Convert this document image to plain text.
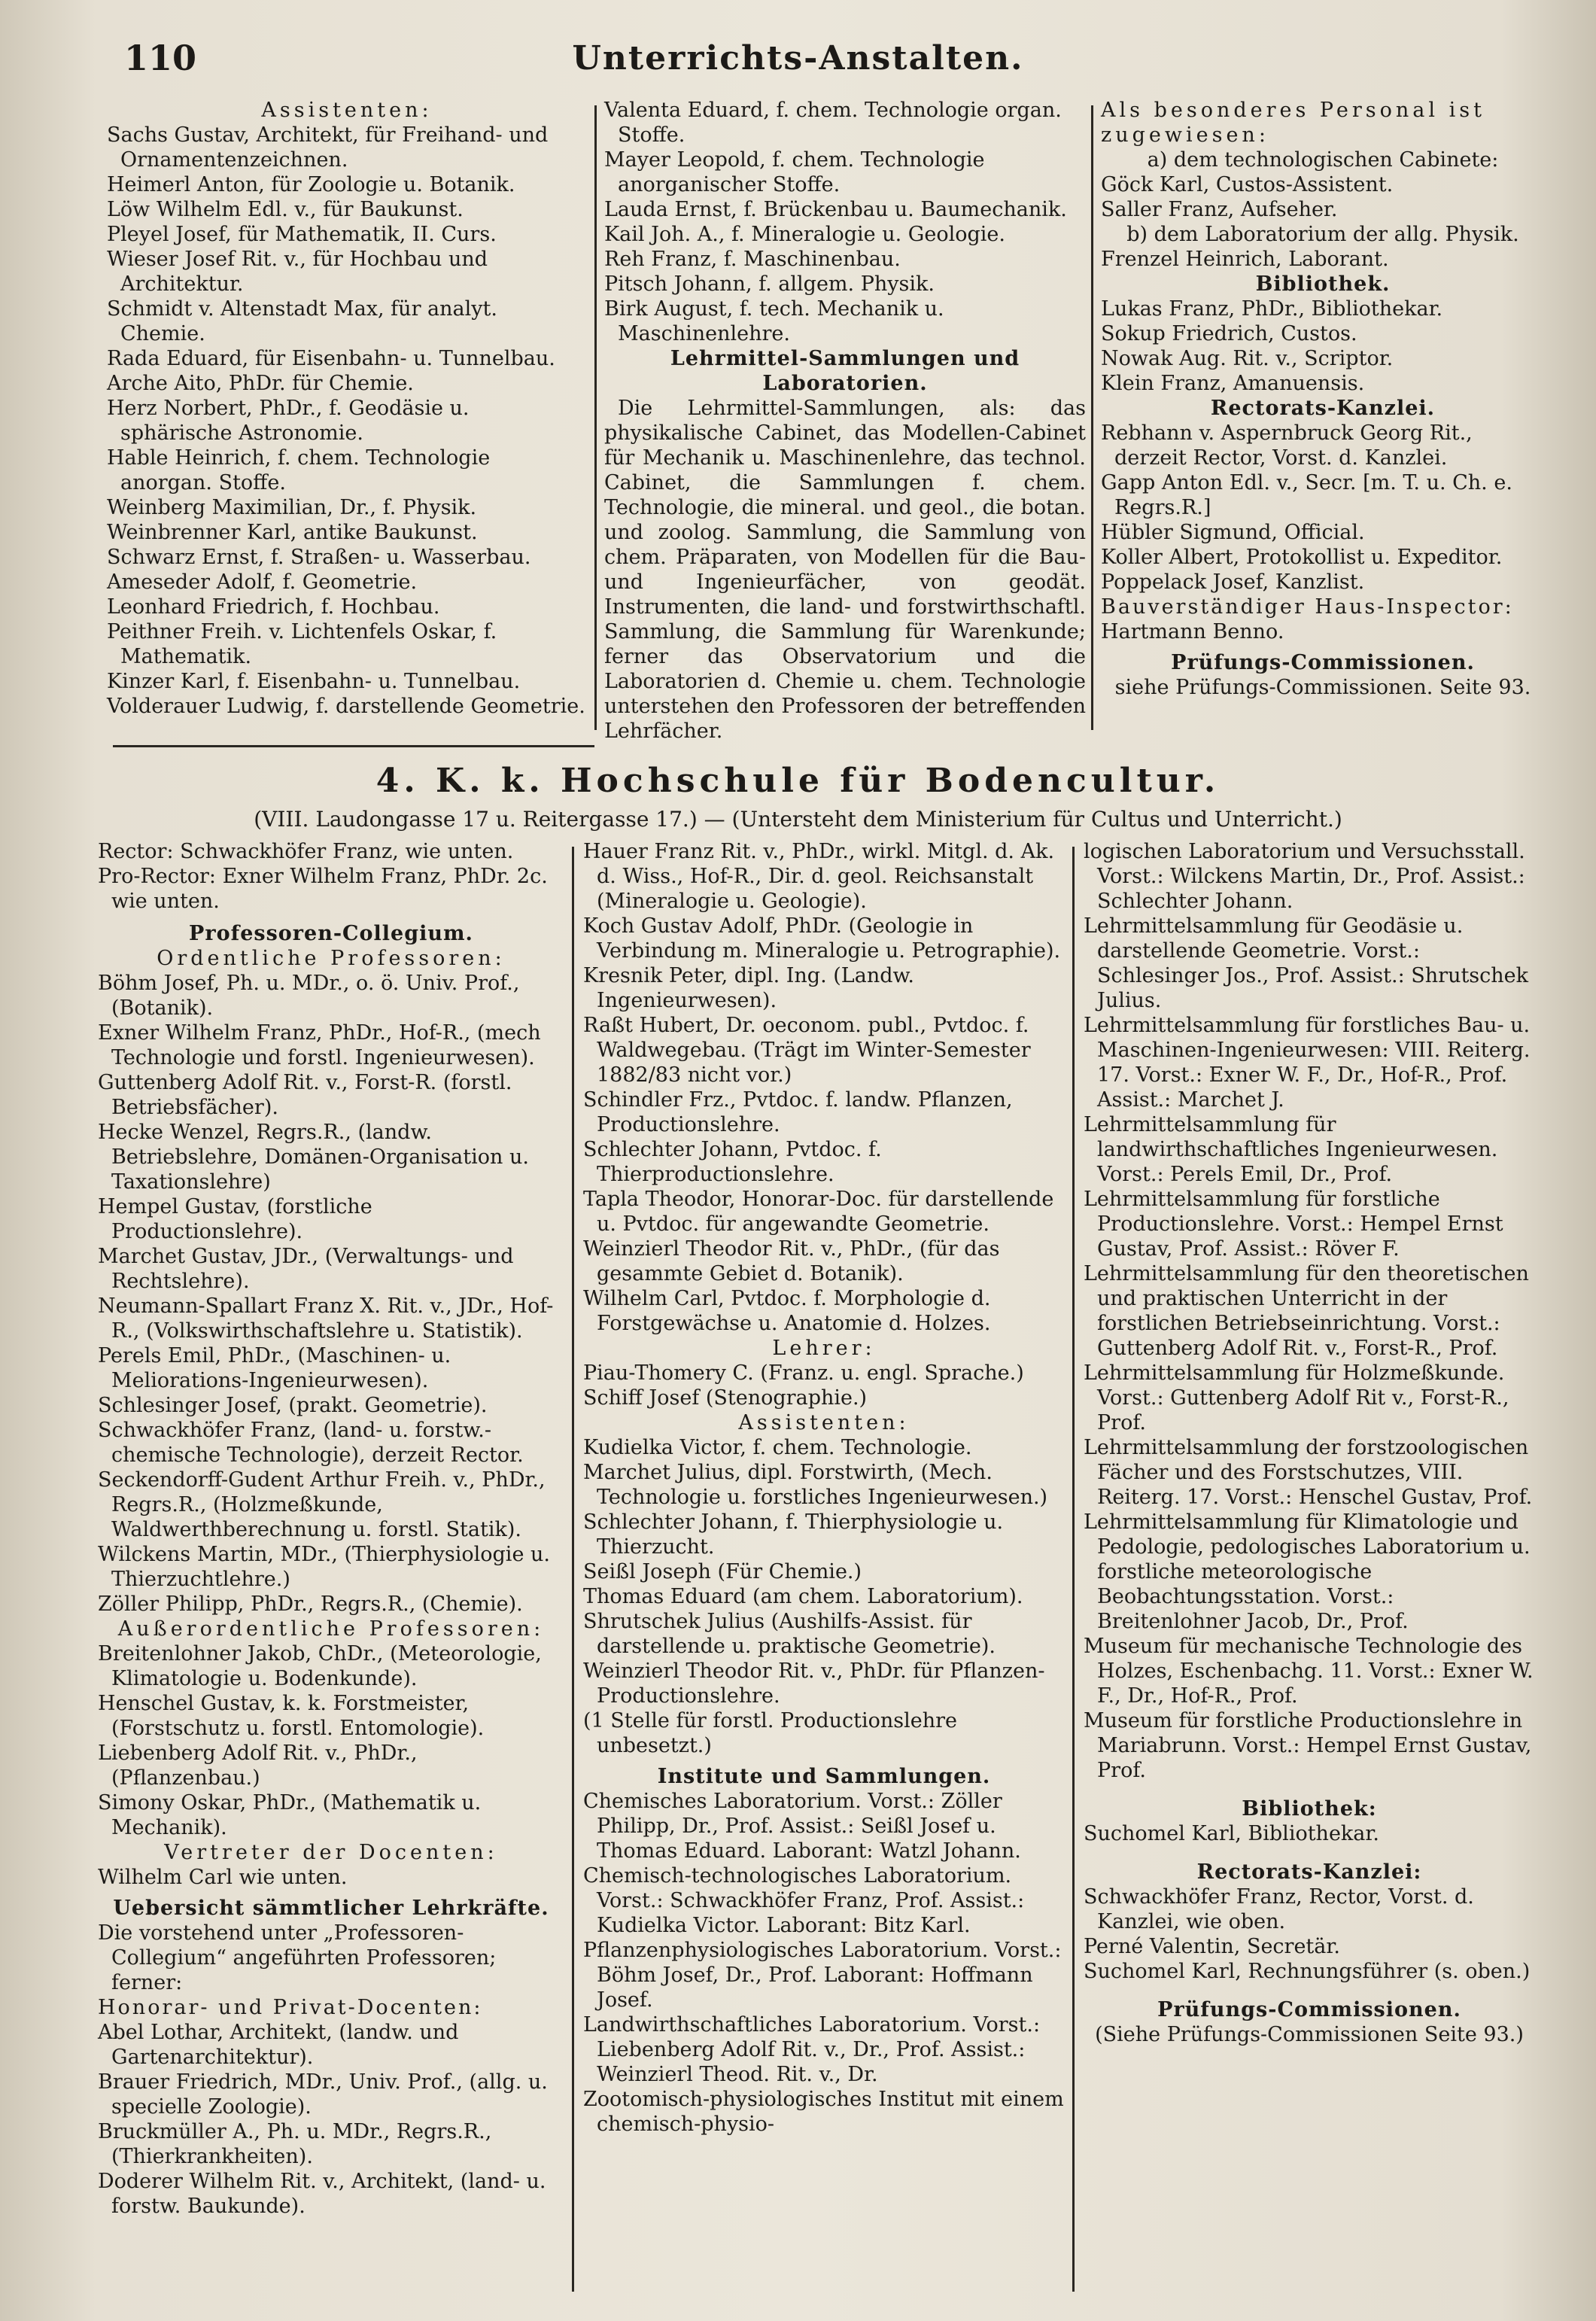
110	Unterrichts-Anstalten.

Assistenten:

Sachs Gustav, Architekt, für Freihand- und Ornamentenzeichnen.

Heimerl Anton, für Zoologie u. Botanik.

Löw Wilhelm Edl. v., für Baukunst.

Pleyel Josef, für Mathematik, II. Curs.

Wieser Josef Rit. v., für Hochbau und Architektur.

Schmidt v. Altenstadt Max, für analyt. Chemie.

Rada Eduard, für Eisenbahn- u. Tunnelbau.

Arche Aito, PhDr. für Chemie.

Herz Norbert, PhDr., f. Geodäsie u. sphärische Astronomie.

Hable Heinrich, f. chem. Technologie anorgan. Stoffe.

Weinberg Maximilian, Dr., f. Physik.

Weinbrenner Karl, antike Baukunst.

Schwarz Ernst, f. Straßen- u. Wasserbau.

Ameseder Adolf, f. Geometrie.

Leonhard Friedrich, f. Hochbau.

Peithner Freih. v. Lichtenfels Oskar, f. Mathematik.

Kinzer Karl, f. Eisenbahn- u. Tunnelbau.

Volderauer Ludwig, f. darstellende Geometrie.

Valenta Eduard, f. chem. Technologie organ. Stoffe.

Mayer Leopold, f. chem. Technologie anorganischer Stoffe.

Lauda Ernst, f. Brückenbau u. Baumechanik.

Kail Joh. A., f. Mineralogie u. Geologie.

Reh Franz, f. Maschinenbau.

Pitsch Johann, f. allgem. Physik.

Birk August, f. tech. Mechanik u. Maschinenlehre.

Lehrmittel-Sammlungen und Laboratorien.

Die Lehrmittel-Sammlungen, als: das physikalische Cabinet, das Modellen-Cabinet für Mechanik u. Maschinenlehre, das technol. Cabinet, die Sammlungen f. chem. Technologie, die mineral. und geol., die botan. und zoolog. Sammlung, die Sammlung von chem. Präparaten, von Modellen für die Bau- und Ingenieurfächer, von geodät. Instrumenten, die land- und forstwirthschaftl. Sammlung, die Sammlung für Warenkunde; ferner das Observatorium und die Laboratorien d. Chemie u. chem. Technologie unterstehen den Professoren der betreffenden Lehrfächer.

Als besonderes Personal ist zugewiesen:

a) dem technologischen Cabinete:

Göck Karl, Custos-Assistent.

Saller Franz, Aufseher.

b) dem Laboratorium der allg. Physik.

Frenzel Heinrich, Laborant.

Bibliothek.

Lukas Franz, PhDr., Bibliothekar.

Sokup Friedrich, Custos.

Nowak Aug. Rit. v., Scriptor.

Klein Franz, Amanuensis.

Rectorats-Kanzlei.

Rebhann v. Aspernbruck Georg Rit., derzeit Rector, Vorst. d. Kanzlei.

Gapp Anton Edl. v., Secr. [m. T. u. Ch. e. Regrs.R.]

Hübler Sigmund, Official.

Koller Albert, Protokollist u. Expeditor.

Poppelack Josef, Kanzlist.

Bauverständiger Haus-Inspector:

Hartmann Benno.

Prüfungs-Commissionen.

siehe Prüfungs-Commissionen. Seite 93.

4. K. k. Hochschule für Bodencultur.
(VIII. Laudongasse 17 u. Reitergasse 17.) — (Untersteht dem Ministerium für Cultus und Unterricht.)

Rector: Schwackhöfer Franz, wie unten.

Pro-Rector: Exner Wilhelm Franz, PhDr. 2c. wie unten.

Professoren-Collegium.

Ordentliche Professoren:

Böhm Josef, Ph. u. MDr., o. ö. Univ. Prof., (Botanik).

Exner Wilhelm Franz, PhDr., Hof-R., (mech Technologie und forstl. Ingenieurwesen).

Guttenberg Adolf Rit. v., Forst-R. (forstl. Betriebsfächer).

Hecke Wenzel, Regrs.R., (landw. Betriebslehre, Domänen-Organisation u. Taxationslehre)

Hempel Gustav, (forstliche Productionslehre).

Marchet Gustav, JDr., (Verwaltungs- und Rechtslehre).

Neumann-Spallart Franz X. Rit. v., JDr., Hof-R., (Volkswirthschaftslehre u. Statistik).

Perels Emil, PhDr., (Maschinen- u. Meliorations-Ingenieurwesen).

Schlesinger Josef, (prakt. Geometrie).

Schwackhöfer Franz, (land- u. forstw.-chemische Technologie), derzeit Rector.

Seckendorff-Gudent Arthur Freih. v., PhDr., Regrs.R., (Holzmeßkunde, Waldwerthberechnung u. forstl. Statik).

Wilckens Martin, MDr., (Thierphysiologie u. Thierzuchtlehre.)

Zöller Philipp, PhDr., Regrs.R., (Chemie).

Außerordentliche Professoren:

Breitenlohner Jakob, ChDr., (Meteorologie, Klimatologie u. Bodenkunde).

Henschel Gustav, k. k. Forstmeister, (Forstschutz u. forstl. Entomologie).

Liebenberg Adolf Rit. v., PhDr., (Pflanzenbau.)

Simony Oskar, PhDr., (Mathematik u. Mechanik).

Vertreter der Docenten:

Wilhelm Carl wie unten.

Uebersicht sämmtlicher Lehrkräfte.

Die vorstehend unter „Professoren-Collegium“ angeführten Professoren; ferner:

Honorar- und Privat-Docenten:

Abel Lothar, Architekt, (landw. und Gartenarchitektur).

Brauer Friedrich, MDr., Univ. Prof., (allg. u. specielle Zoologie).

Bruckmüller A., Ph. u. MDr., Regrs.R., (Thierkrankheiten).

Doderer Wilhelm Rit. v., Architekt, (land- u. forstw. Baukunde).

Hauer Franz Rit. v., PhDr., wirkl. Mitgl. d. Ak. d. Wiss., Hof-R., Dir. d. geol. Reichsanstalt (Mineralogie u. Geologie).

Koch Gustav Adolf, PhDr. (Geologie in Verbindung m. Mineralogie u. Petrographie).

Kresnik Peter, dipl. Ing. (Landw. Ingenieurwesen).

Raßt Hubert, Dr. oeconom. publ., Pvtdoc. f. Waldwegebau. (Trägt im Winter-Semester 1882/83 nicht vor.)

Schindler Frz., Pvtdoc. f. landw. Pflanzen, Productionslehre.

Schlechter Johann, Pvtdoc. f. Thierproductionslehre.

Tapla Theodor, Honorar-Doc. für darstellende u. Pvtdoc. für angewandte Geometrie.

Weinzierl Theodor Rit. v., PhDr., (für das gesammte Gebiet d. Botanik).

Wilhelm Carl, Pvtdoc. f. Morphologie d. Forstgewächse u. Anatomie d. Holzes.

Lehrer:

Piau-Thomery C. (Franz. u. engl. Sprache.)

Schiff Josef (Stenographie.)

Assistenten:

Kudielka Victor, f. chem. Technologie.

Marchet Julius, dipl. Forstwirth, (Mech. Technologie u. forstliches Ingenieurwesen.)

Schlechter Johann, f. Thierphysiologie u. Thierzucht.

Seißl Joseph (Für Chemie.)

Thomas Eduard (am chem. Laboratorium).

Shrutschek Julius (Aushilfs-Assist. für darstellende u. praktische Geometrie).

Weinzierl Theodor Rit. v., PhDr. für Pflanzen-Productionslehre.

(1 Stelle für forstl. Productionslehre unbesetzt.)

Institute und Sammlungen.

Chemisches Laboratorium. Vorst.: Zöller Philipp, Dr., Prof. Assist.: Seißl Josef u. Thomas Eduard. Laborant: Watzl Johann.

Chemisch-technologisches Laboratorium. Vorst.: Schwackhöfer Franz, Prof. Assist.: Kudielka Victor. Laborant: Bitz Karl.

Pflanzenphysiologisches Laboratorium. Vorst.: Böhm Josef, Dr., Prof. Laborant: Hoffmann Josef.

Landwirthschaftliches Laboratorium. Vorst.: Liebenberg Adolf Rit. v., Dr., Prof. Assist.: Weinzierl Theod. Rit. v., Dr.

Zootomisch-physiologisches Institut mit einem chemisch-physio-

logischen Laboratorium und Versuchsstall. Vorst.: Wilckens Martin, Dr., Prof. Assist.: Schlechter Johann.

Lehrmittelsammlung für Geodäsie u. darstellende Geometrie. Vorst.: Schlesinger Jos., Prof. Assist.: Shrutschek Julius.

Lehrmittelsammlung für forstliches Bau- u. Maschinen-Ingenieurwesen: VIII. Reiterg. 17. Vorst.: Exner W. F., Dr., Hof-R., Prof. Assist.: Marchet J.

Lehrmittelsammlung für landwirthschaftliches Ingenieurwesen. Vorst.: Perels Emil, Dr., Prof.

Lehrmittelsammlung für forstliche Productionslehre. Vorst.: Hempel Ernst Gustav, Prof. Assist.: Röver F.

Lehrmittelsammlung für den theoretischen und praktischen Unterricht in der forstlichen Betriebseinrichtung. Vorst.: Guttenberg Adolf Rit. v., Forst-R., Prof.

Lehrmittelsammlung für Holzmeßkunde. Vorst.: Guttenberg Adolf Rit v., Forst-R., Prof.

Lehrmittelsammlung der forstzoologischen Fächer und des Forstschutzes, VIII. Reiterg. 17. Vorst.: Henschel Gustav, Prof.

Lehrmittelsammlung für Klimatologie und Pedologie, pedologisches Laboratorium u. forstliche meteorologische Beobachtungsstation. Vorst.: Breitenlohner Jacob, Dr., Prof.

Museum für mechanische Technologie des Holzes, Eschenbachg. 11. Vorst.: Exner W. F., Dr., Hof-R., Prof.

Museum für forstliche Productionslehre in Mariabrunn. Vorst.: Hempel Ernst Gustav, Prof.

Bibliothek:

Suchomel Karl, Bibliothekar.

Rectorats-Kanzlei:

Schwackhöfer Franz, Rector, Vorst. d. Kanzlei, wie oben.

Perné Valentin, Secretär.

Suchomel Karl, Rechnungsführer (s. oben.)

Prüfungs-Commissionen.

(Siehe Prüfungs-Commissionen Seite 93.)
